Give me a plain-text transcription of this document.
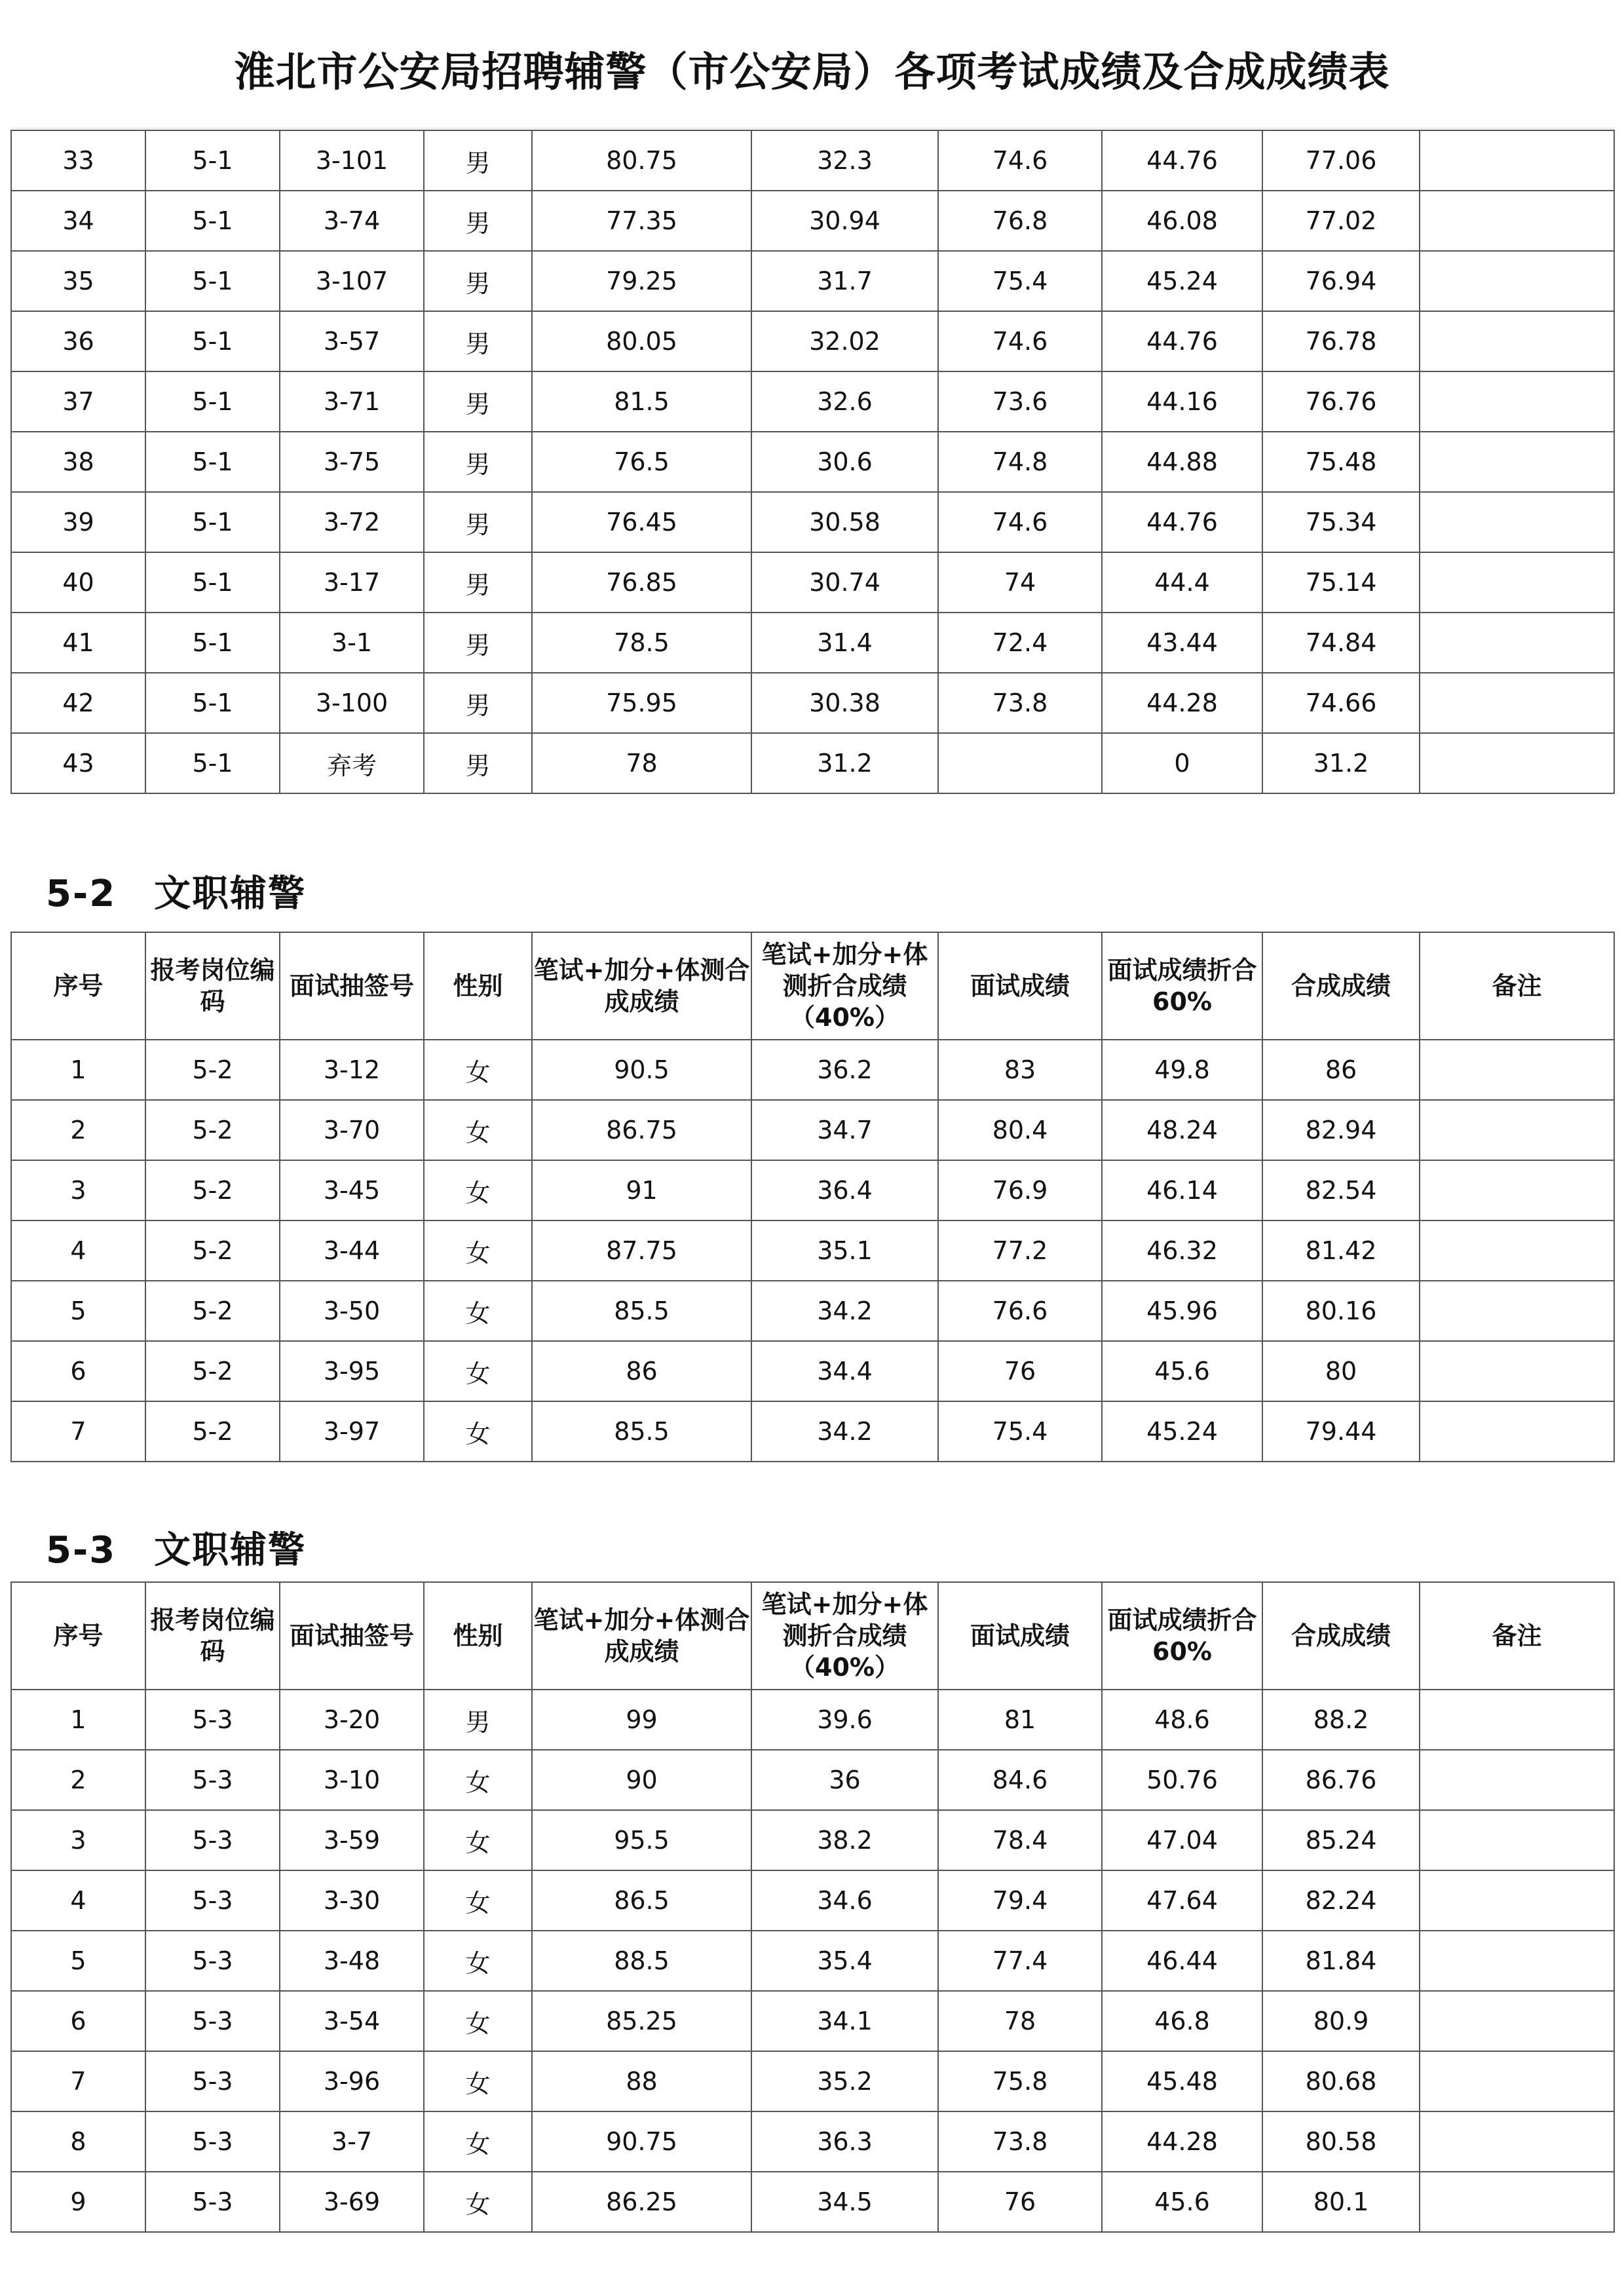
淮北市公安局招聘辅警（市公安局）各项考试成绩及合成成绩表
33	5-1	3-101	男	80.75	32.3	74.6	44.76	77.06	
34	5-1	3-74	男	77.35	30.94	76.8	46.08	77.02	
35	5-1	3-107	男	79.25	31.7	75.4	45.24	76.94	
36	5-1	3-57	男	80.05	32.02	74.6	44.76	76.78	
37	5-1	3-71	男	81.5	32.6	73.6	44.16	76.76	
38	5-1	3-75	男	76.5	30.6	74.8	44.88	75.48	
39	5-1	3-72	男	76.45	30.58	74.6	44.76	75.34	
40	5-1	3-17	男	76.85	30.74	74	44.4	75.14	
41	5-1	3-1	男	78.5	31.4	72.4	43.44	74.84	
42	5-1	3-100	男	75.95	30.38	73.8	44.28	74.66	
43	5-1	弃考	男	78	31.2		0	31.2	
5-2　文职辅警
序号	报考岗位编码	面试抽签号	性别	笔试+加分+体测合成成绩	笔试+加分+体测折合成绩（40%）	面试成绩	面试成绩折合60%	合成成绩	备注
1	5-2	3-12	女	90.5	36.2	83	49.8	86	
2	5-2	3-70	女	86.75	34.7	80.4	48.24	82.94	
3	5-2	3-45	女	91	36.4	76.9	46.14	82.54	
4	5-2	3-44	女	87.75	35.1	77.2	46.32	81.42	
5	5-2	3-50	女	85.5	34.2	76.6	45.96	80.16	
6	5-2	3-95	女	86	34.4	76	45.6	80	
7	5-2	3-97	女	85.5	34.2	75.4	45.24	79.44	
5-3　文职辅警
序号	报考岗位编码	面试抽签号	性别	笔试+加分+体测合成成绩	笔试+加分+体测折合成绩（40%）	面试成绩	面试成绩折合60%	合成成绩	备注
1	5-3	3-20	男	99	39.6	81	48.6	88.2	
2	5-3	3-10	女	90	36	84.6	50.76	86.76	
3	5-3	3-59	女	95.5	38.2	78.4	47.04	85.24	
4	5-3	3-30	女	86.5	34.6	79.4	47.64	82.24	
5	5-3	3-48	女	88.5	35.4	77.4	46.44	81.84	
6	5-3	3-54	女	85.25	34.1	78	46.8	80.9	
7	5-3	3-96	女	88	35.2	75.8	45.48	80.68	
8	5-3	3-7	女	90.75	36.3	73.8	44.28	80.58	
9	5-3	3-69	女	86.25	34.5	76	45.6	80.1	
